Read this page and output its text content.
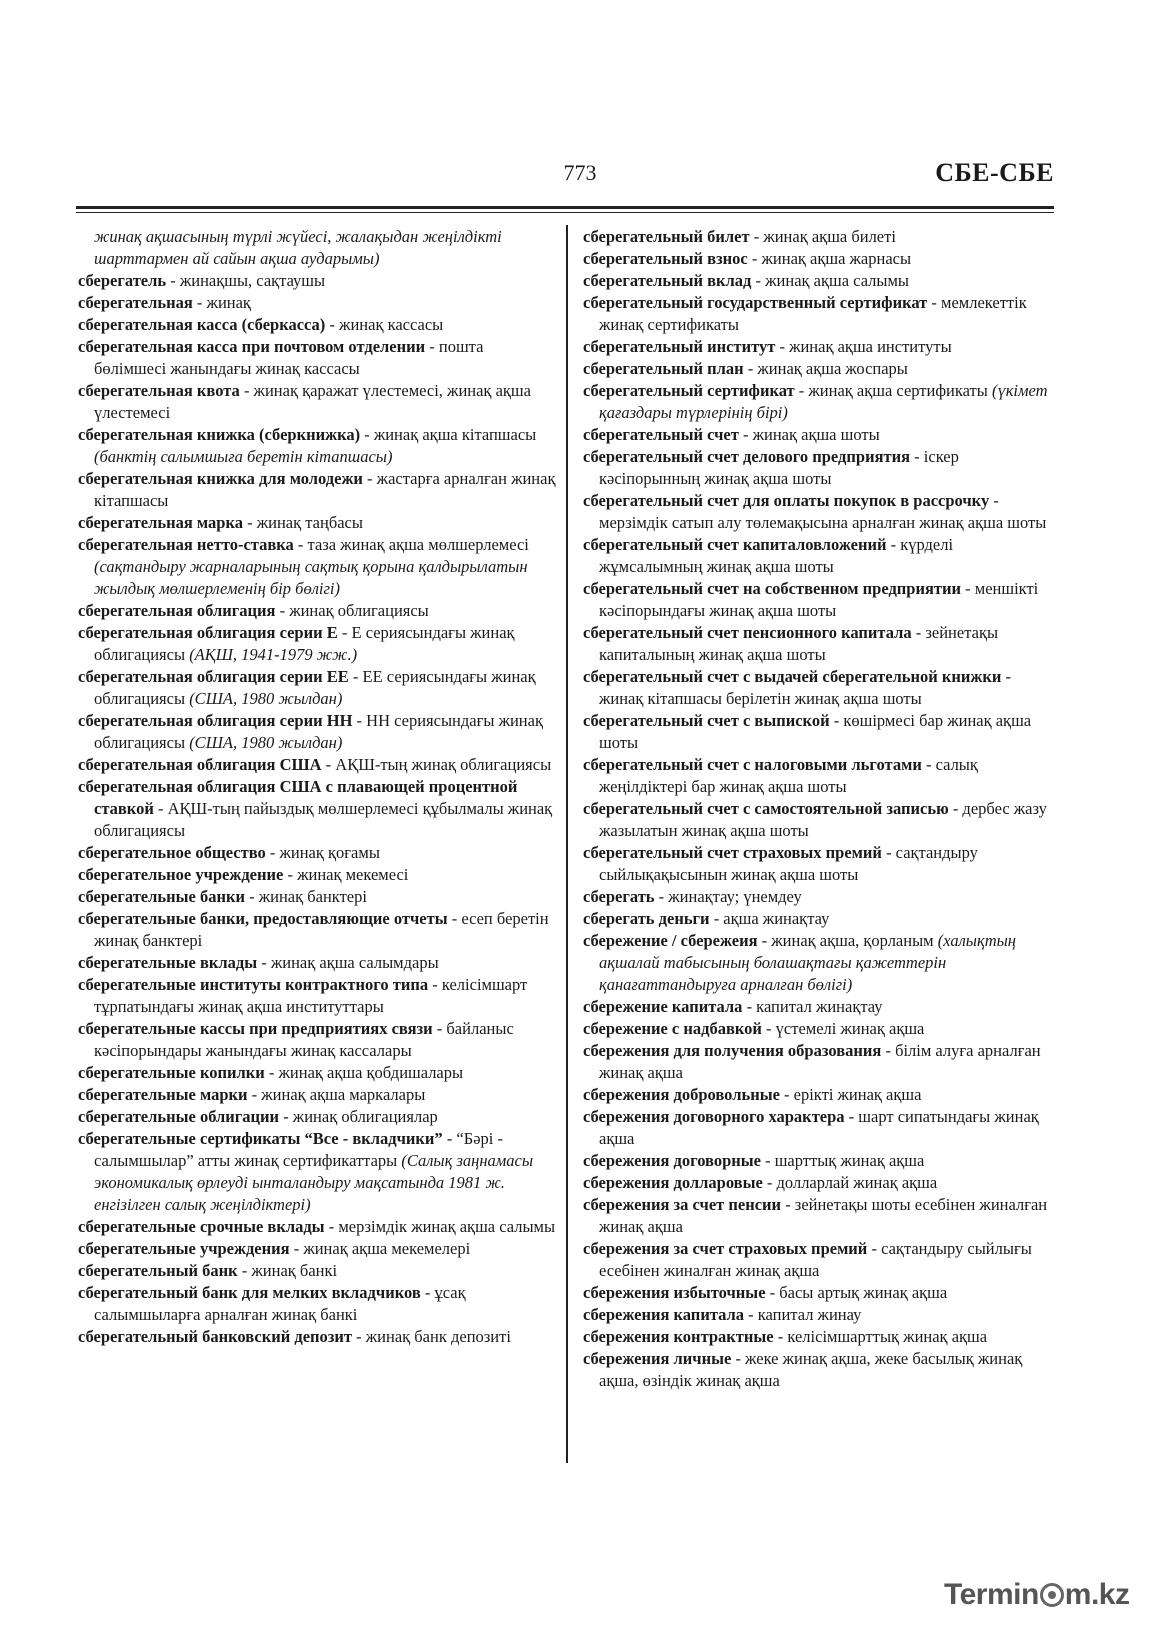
773	СБЕ-СБЕ

жинақ ақшасының түрлі жүйесі, жалақыдан жеңілдікті шарттармен ай сайын ақша аударымы)

сберегатель - жинақшы, сақтаушы

сберегательная - жинақ

сберегательная касса (сберкасса) - жинақ кассасы

сберегательная касса при почтовом отделении - пошта бөлімшесі жанындағы жинақ кассасы

сберегательная квота - жинақ қаражат үлестемесі, жинақ ақша үлестемесі

сберегательная книжка (сберкнижка) - жинақ ақша кітапшасы (банктің салымшыға беретін кітапшасы)

сберегательная книжка для молодежи - жастарға арналған жинақ кітапшасы

сберегательная марка - жинақ таңбасы

сберегательная нетто-ставка - таза жинақ ақша мөлшерлемесі (сақтандыру жарналарының сақтық қорына қалдырылатын жылдық мөлшерлеменің бір бөлігі)

сберегательная облигация - жинақ облигациясы

сберегательная облигация серии Е - Е сериясындағы жинақ облигациясы (АҚШ, 1941-1979 жж.)

сберегательная облигация серии ЕЕ - ЕЕ сериясындағы жинақ облигациясы (США, 1980 жылдан)

сберегательная облигация серии НН - НН сериясындағы жинақ облигациясы (США, 1980 жылдан)

сберегательная облигация США - АҚШ-тың жинақ облигациясы

сберегательная облигация США с плавающей процентной ставкой - АҚШ-тың пайыздық мөлшерлемесі құбылмалы жинақ облигациясы

сберегательное общество - жинақ қоғамы

сберегательное учреждение - жинақ мекемесі

сберегательные банки - жинақ банктері

сберегательные банки, предоставляющие отчеты - есеп беретін жинақ банктері

сберегательные вклады - жинақ ақша салымдары

сберегательные институты контрактного типа - келісімшарт тұрпатындағы жинақ ақша институттары

сберегательные кассы при предприятиях связи - байланыс кәсіпорындары жанындағы жинақ кассалары

сберегательные копилки - жинақ ақша қобдишалары

сберегательные марки - жинақ ақша маркалары

сберегательные облигации - жинақ облигациялар

сберегательные сертификаты “Все - вкладчики” - “Бәрі - салымшылар” атты жинақ сертификаттары (Салық заңнамасы экономикалық өрлеуді ынталандыру мақсатында 1981 ж. енгізілген салық жеңілдіктері)

сберегательные срочные вклады - мерзімдік жинақ ақша салымы

сберегательные учреждения - жинақ ақша мекемелері

сберегательный банк - жинақ банкі

сберегательный банк для мелких вкладчиков - ұсақ салымшыларға арналған жинақ банкі

сберегательный банковский депозит - жинақ банк депозиті

сберегательный билет - жинақ ақша билеті

сберегательный взнос - жинақ ақша жарнасы

сберегательный вклад - жинақ ақша салымы

сберегательный государственный сертификат - мемлекеттік жинақ сертификаты

сберегательный институт - жинақ ақша институты

сберегательный план - жинақ ақша жоспары

сберегательный сертификат - жинақ ақша сертификаты (үкімет қағаздары түрлерінің бірі)

сберегательный счет - жинақ ақша шоты

сберегательный счет делового предприятия - іскер кәсіпорынның жинақ ақша шоты

сберегательный счет для оплаты покупок в рассрочку - мерзімдік сатып алу төлемақысына арналған жинақ ақша шоты

сберегательный счет капиталовложений - күрделі жұмсалымның жинақ ақша шоты

сберегательный счет на собственном предприятии - меншікті кәсіпорындағы жинақ ақша шоты

сберегательный счет пенсионного капитала - зейнетақы капиталының жинақ ақша шоты

сберегательный счет с выдачей сберегательной книжки - жинақ кітапшасы берілетін жинақ ақша шоты

сберегательный счет с выпиской - көшірмесі бар жинақ ақша шоты

сберегательный счет с налоговыми льготами - салық жеңілдіктері бар жинақ ақша шоты

сберегательный счет с самостоятельной записью - дербес жазу жазылатын жинақ ақша шоты

сберегательный счет страховых премий - сақтандыру сыйлықақысынын жинақ ақша шоты

сберегать - жинақтау; үнемдеу

сберегать деньги - ақша жинақтау

сбережение / сбережеия - жинақ ақша, қорланым (халықтың ақшалай табысының болашақтағы қажеттерін қанағаттандыруға арналған бөлігі)

сбережение капитала - капитал жинақтау

сбережение с надбавкой - үстемелі жинақ ақша

сбережения для получения образования - білім алуға арналған жинақ ақша

сбережения добровольные - ерікті жинақ ақша

сбережения договорного характера - шарт сипатындағы жинақ ақша

сбережения договорные - шарттық жинақ ақша

сбережения долларовые - долларлай жинақ ақша

сбережения за счет пенсии - зейнетақы шоты есебінен жиналған жинақ ақша

сбережения за счет страховых премий - сақтандыру сыйлығы есебінен жиналған жинақ ақша

сбережения избыточные - басы артық жинақ ақша

сбережения капитала - капитал жинау

сбережения контрактные - келісімшарттық жинақ ақша

сбережения личные - жеке жинақ ақша, жеке басылық жинақ ақша, өзіндік жинақ ақша

Termin m.kz
